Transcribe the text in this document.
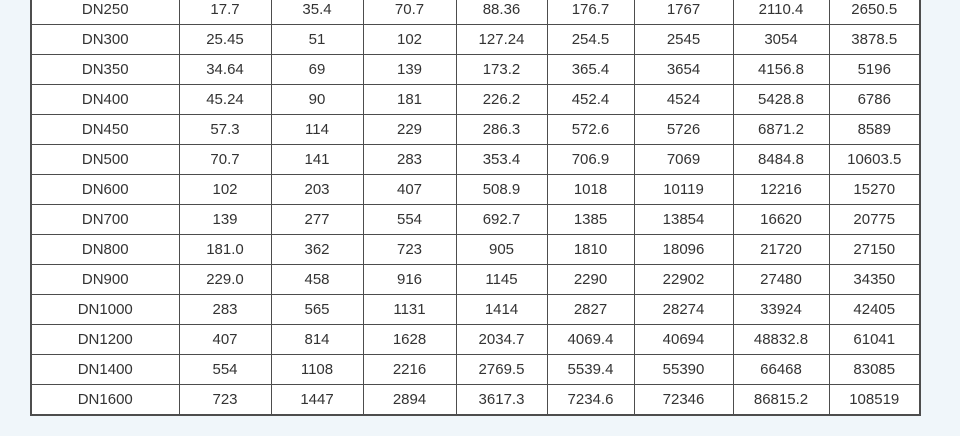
DN250	17.7	35.4	70.7	88.36	176.7	1767	2110.4	2650.5
DN300	25.45	51	102	127.24	254.5	2545	3054	3878.5
DN350	34.64	69	139	173.2	365.4	3654	4156.8	5196
DN400	45.24	90	181	226.2	452.4	4524	5428.8	6786
DN450	57.3	114	229	286.3	572.6	5726	6871.2	8589
DN500	70.7	141	283	353.4	706.9	7069	8484.8	10603.5
DN600	102	203	407	508.9	1018	10119	12216	15270
DN700	139	277	554	692.7	1385	13854	16620	20775
DN800	181.0	362	723	905	1810	18096	21720	27150
DN900	229.0	458	916	1145	2290	22902	27480	34350
DN1000	283	565	1131	1414	2827	28274	33924	42405
DN1200	407	814	1628	2034.7	4069.4	40694	48832.8	61041
DN1400	554	1108	2216	2769.5	5539.4	55390	66468	83085
DN1600	723	1447	2894	3617.3	7234.6	72346	86815.2	108519
